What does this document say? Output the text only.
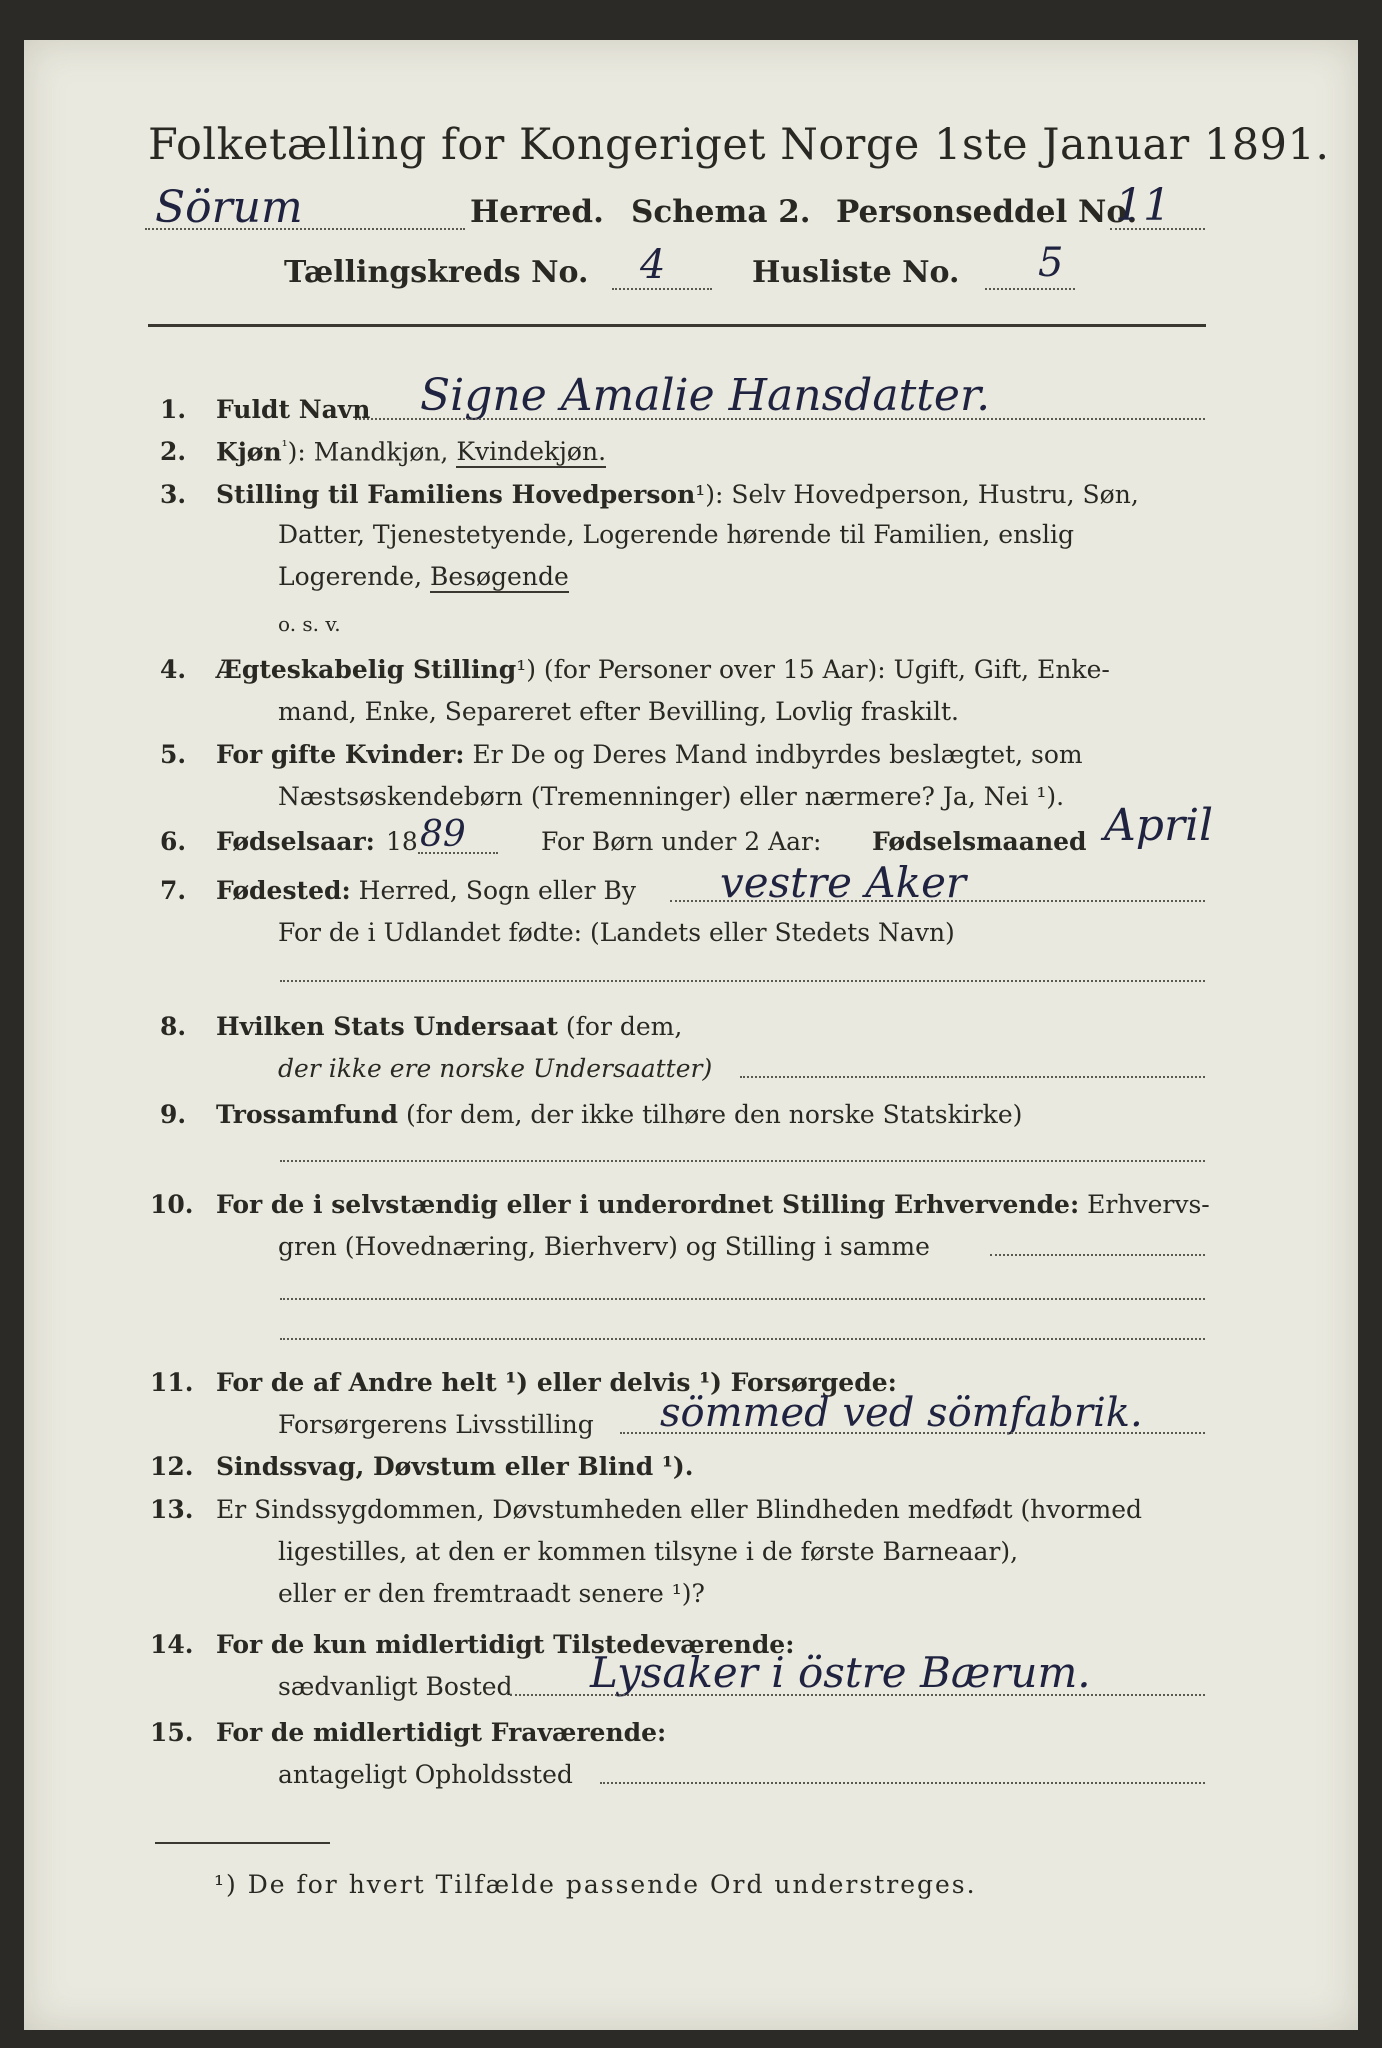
Folketælling for Kongeriget Norge 1ste Januar 1891.
Sörum	Herred. Schema 2. Personseddel No.
11
Tællingskreds No. 4	Husliste No. 5
1. Fuldt Navn Signe Amalie Hansdatter.
2. Kjøn$^{^1}$): Mandkjøn, Kvindekjøn.
3. Stilling til Familiens Hovedperson¹): Selv Hovedperson, Hustru, Søn,
Datter, Tjenestetyende, Logerende hørende til Familien, enslig
Logerende, Besøgende
o. s. v.
4. Ægteskabelig Stilling¹) (for Personer over 15 Aar): Ugift, Gift, Enke-
mand, Enke, Separeret efter Bevilling, Lovlig fraskilt.
5. For gifte Kvinder: Er De og Deres Mand indbyrdes beslægtet, som
Næstsøskendebørn (Tremenninger) eller nærmere? Ja, Nei ¹).
6. Fødselsaar: 18 89	For Børn under 2 Aar: Fødselsmaaned April
7. Fødested: Herred, Sogn eller By vestre Aker
For de i Udlandet fødte: (Landets eller Stedets Navn)
8. Hvilken Stats Undersaat (for dem,
der ikke ere norske Undersaatter)
9. Trossamfund (for dem, der ikke tilhøre den norske Statskirke)
10. For de i selvstændig eller i underordnet Stilling Erhvervende: Erhvervs-
gren (Hovednæring, Bierhverv) og Stilling i samme
11. For de af Andre helt ¹) eller delvis ¹) Forsørgede:
Forsørgerens Livsstilling sömmed ved sömfabrik.
12. Sindssvag, Døvstum eller Blind ¹).
13. Er Sindssygdommen, Døvstumheden eller Blindheden medfødt (hvormed
ligestilles, at den er kommen tilsyne i de første Barneaar),
eller er den fremtraadt senere ¹)?
14. For de kun midlertidigt Tilstedeværende:
sædvanligt Bosted Lysaker i östre Bærum.
15. For de midlertidigt Fraværende:
antageligt Opholdssted
¹) De for hvert Tilfælde passende Ord understreges.
